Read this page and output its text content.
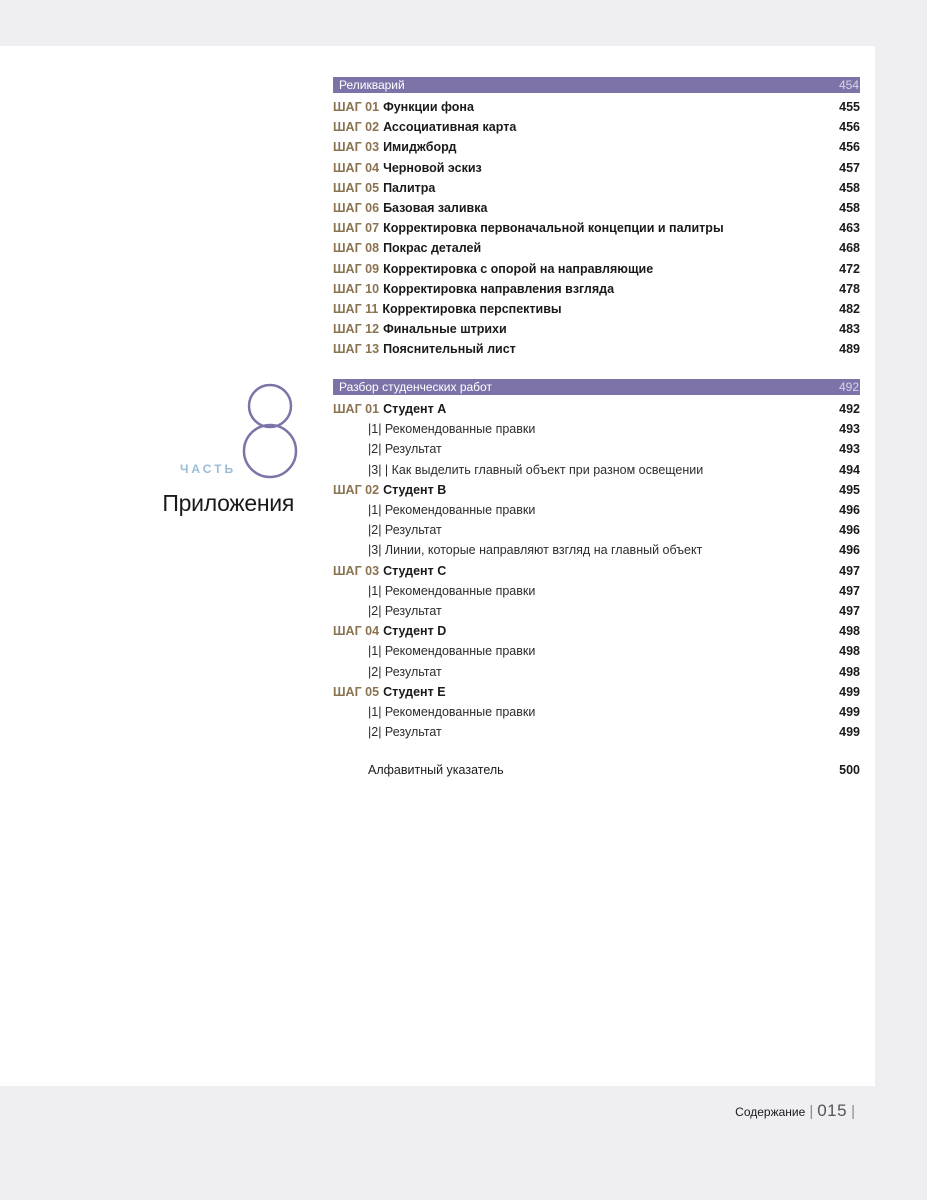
8
ЧАСТЬ
Приложения
Реликварий	454
ШАГ 01 Функции фона	455
ШАГ 02 Ассоциативная карта	456
ШАГ 03 Имиджборд	456
ШАГ 04 Черновой эскиз	457
ШАГ 05 Палитра	458
ШАГ 06 Базовая заливка	458
ШАГ 07 Корректировка первоначальной концепции и палитры	463
ШАГ 08 Покрас деталей	468
ШАГ 09 Корректировка с опорой на направляющие	472
ШАГ 10 Корректировка направления взгляда	478
ШАГ 11 Корректировка перспективы	482
ШАГ 12 Финальные штрихи	483
ШАГ 13 Пояснительный лист	489
Разбор студенческих работ	492
ШАГ 01 Студент A	492
|1| Рекомендованные правки	493
|2| Результат	493
|3| | Как выделить главный объект при разном освещении	494
ШАГ 02 Студент B	495
|1| Рекомендованные правки	496
|2| Результат	496
|3| Линии, которые направляют взгляд на главный объект	496
ШАГ 03 Студент C	497
|1| Рекомендованные правки	497
|2| Результат	497
ШАГ 04 Студент D	498
|1| Рекомендованные правки	498
|2| Результат	498
ШАГ 05 Студент E	499
|1| Рекомендованные правки	499
|2| Результат	499
Алфавитный указатель	500
Содержание | 015 |
